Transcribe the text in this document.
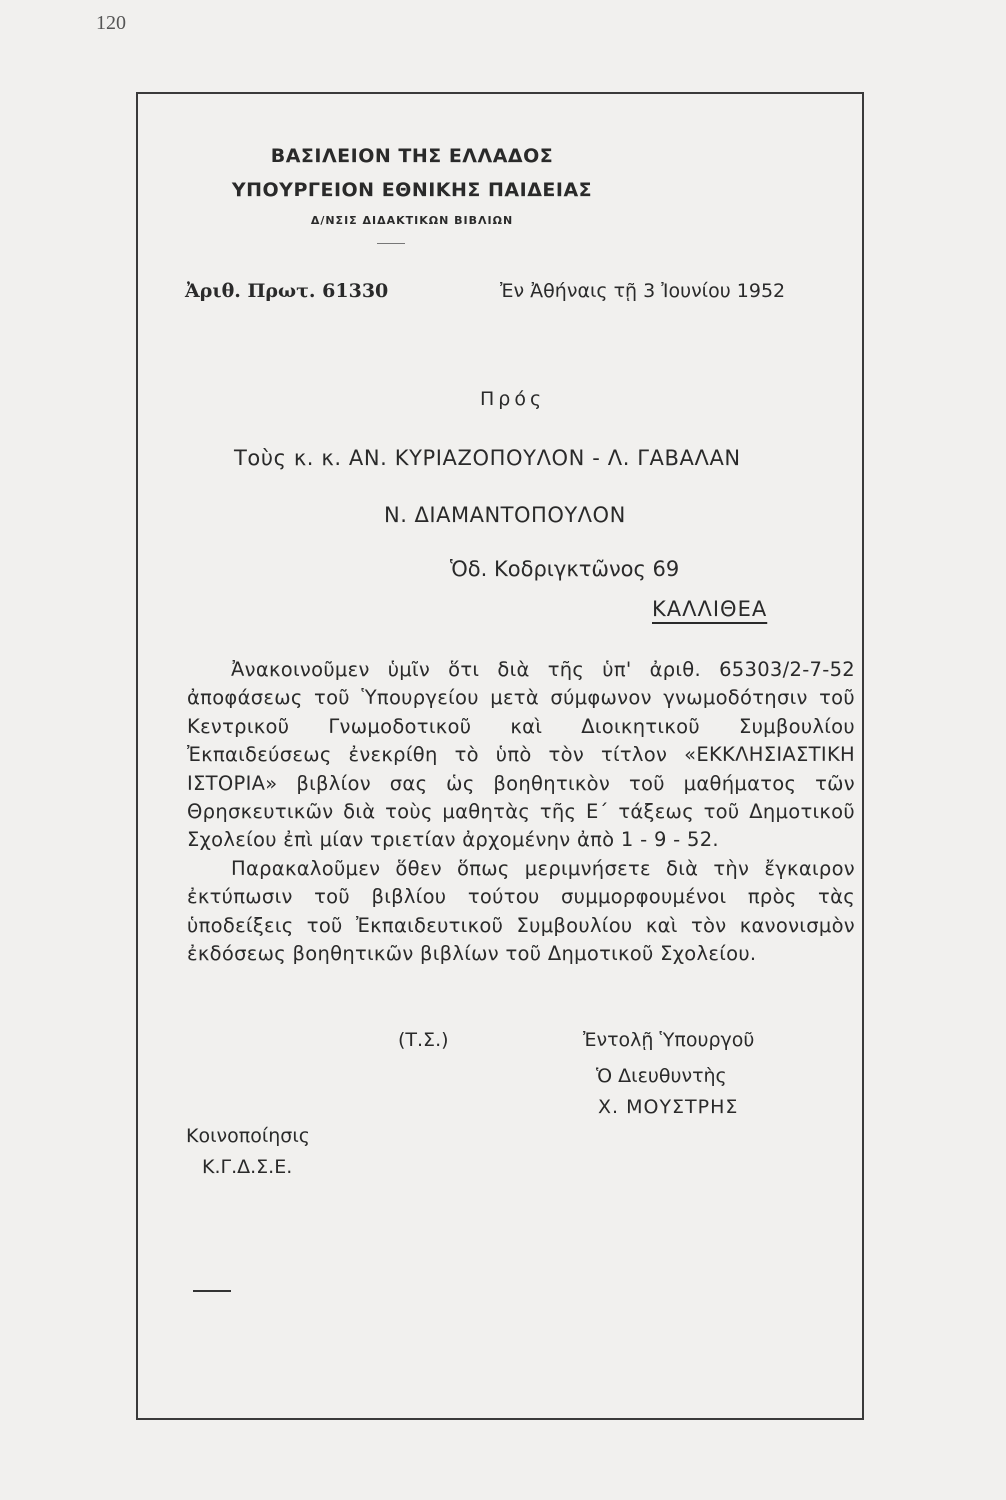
120
ΒΑΣΙΛΕΙΟΝ ΤΗΣ ΕΛΛΑΔΟΣ
ΥΠΟΥΡΓΕΙΟΝ ΕΘΝΙΚΗΣ ΠΑΙΔΕΙΑΣ
Δ/ΝΣΙΣ ΔΙΔΑΚΤΙΚΩΝ ΒΙΒΛΙΩΝ
Ἀριθ. Πρωτ. 61330	Ἐν Ἀθήναις τῇ 3 Ἰουνίου 1952
Πρός
Τοὺς κ. κ. ΑΝ. ΚΥΡΙΑΖΟΠΟΥΛΟΝ - Λ. ΓΑΒΑΛΑΝ
Ν. ΔΙΑΜΑΝΤΟΠΟΥΛΟΝ
Ὁδ. Κοδριγκτῶνος 69
ΚΑΛΛΙΘΕΑ

Ἀνακοινοῦμεν ὑμῖν ὅτι διὰ τῆς ὑπ' ἀριθ. 65303/2-7-52 ἀποφάσεως τοῦ Ὑπουργείου μετὰ σύμφωνον γνωμοδότησιν τοῦ Κεντρικοῦ Γνωμοδοτικοῦ καὶ Διοικητικοῦ Συμβουλίου Ἐκπαιδεύσεως ἐνεκρίθη τὸ ὑπὸ τὸν τίτλον «ΕΚΚΛΗΣΙΑΣΤΙΚΗ ΙΣΤΟΡΙΑ» βιβλίον σας ὡς βοηθητικὸν τοῦ μαθήματος τῶν Θρησκευτικῶν διὰ τοὺς μαθητὰς τῆς Ε΄ τάξεως τοῦ Δημοτικοῦ Σχολείου ἐπὶ μίαν τριετίαν ἀρχομένην ἀπὸ 1 - 9 - 52.

Παρακαλοῦμεν ὅθεν ὅπως μεριμνήσετε διὰ τὴν ἔγκαιρον ἐκτύπωσιν τοῦ βιβλίου τούτου συμμορφουμένοι πρὸς τὰς ὑποδείξεις τοῦ Ἐκπαιδευτικοῦ Συμβουλίου καὶ τὸν κανονισμὸν ἐκδόσεως βοηθητικῶν βιβλίων τοῦ Δημοτικοῦ Σχολείου.

(Τ.Σ.)	Ἐντολῇ Ὑπουργοῦ
Ὁ Διευθυντὴς
Χ. ΜΟΥΣΤΡΗΣ
Κοινοποίησις
Κ.Γ.Δ.Σ.Ε.
